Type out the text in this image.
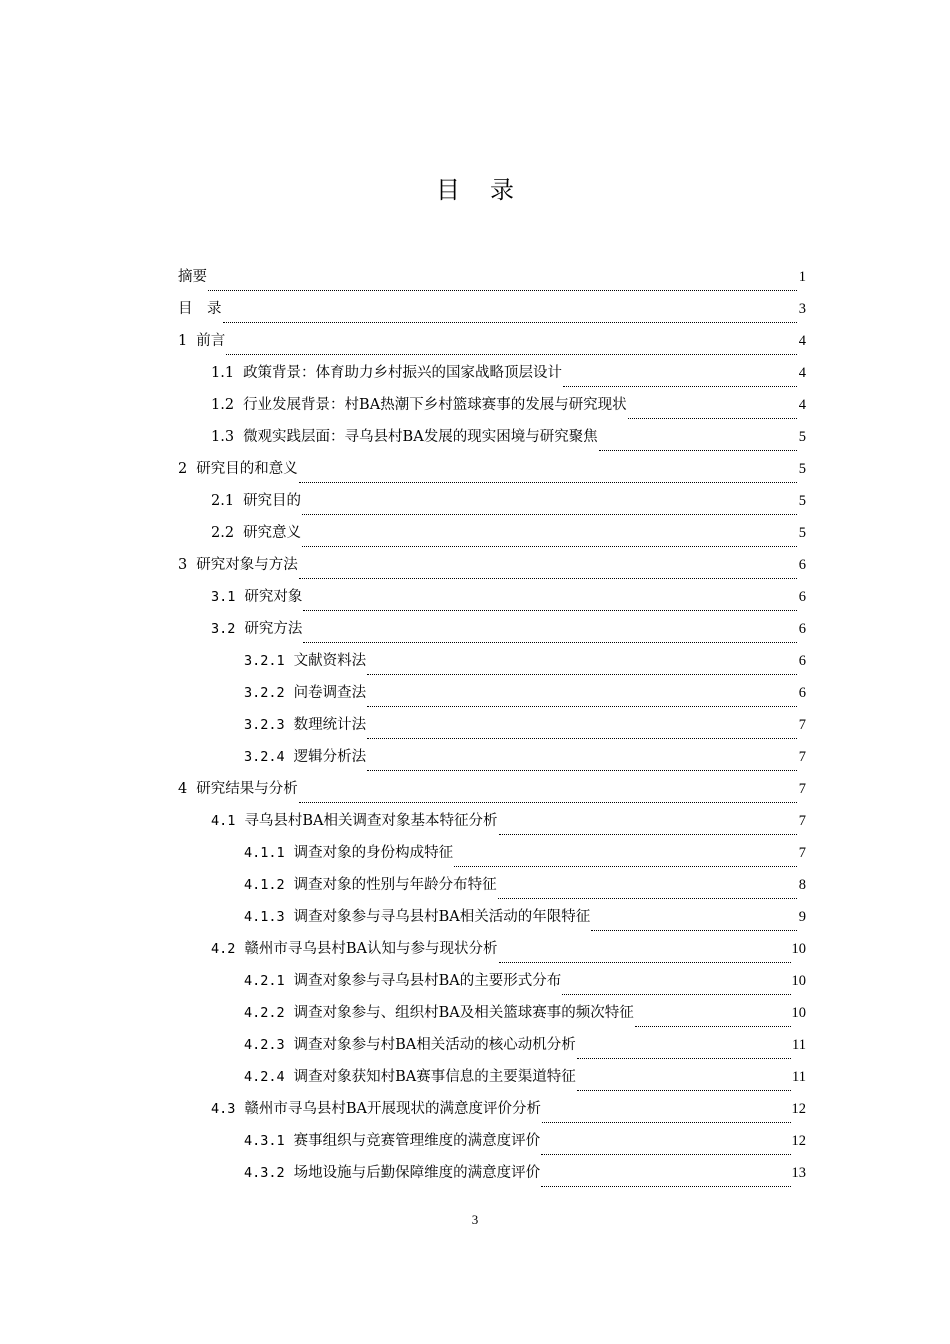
目录
摘要	1
目　录	3
1 前言	4
1.1 政策背景：体育助力乡村振兴的国家战略顶层设计	4
1.2 行业发展背景：村BA热潮下乡村篮球赛事的发展与研究现状	4
1.3 微观实践层面：寻乌县村BA发展的现实困境与研究聚焦	5
2 研究目的和意义	5
2.1 研究目的	5
2.2 研究意义	5
3 研究对象与方法	6
3.1 研究对象	6
3.2 研究方法	6
3.2.1 文献资料法	6
3.2.2 问卷调查法	6
3.2.3 数理统计法	7
3.2.4 逻辑分析法	7
4 研究结果与分析	7
4.1 寻乌县村BA相关调查对象基本特征分析	7
4.1.1 调查对象的身份构成特征	7
4.1.2 调查对象的性别与年龄分布特征	8
4.1.3 调查对象参与寻乌县村BA相关活动的年限特征	9
4.2 赣州市寻乌县村BA认知与参与现状分析	10
4.2.1 调查对象参与寻乌县村BA的主要形式分布	10
4.2.2 调查对象参与、组织村BA及相关篮球赛事的频次特征	10
4.2.3 调查对象参与村BA相关活动的核心动机分析	11
4.2.4 调查对象获知村BA赛事信息的主要渠道特征	11
4.3 赣州市寻乌县村BA开展现状的满意度评价分析	12
4.3.1 赛事组织与竞赛管理维度的满意度评价	12
4.3.2 场地设施与后勤保障维度的满意度评价	13
3
